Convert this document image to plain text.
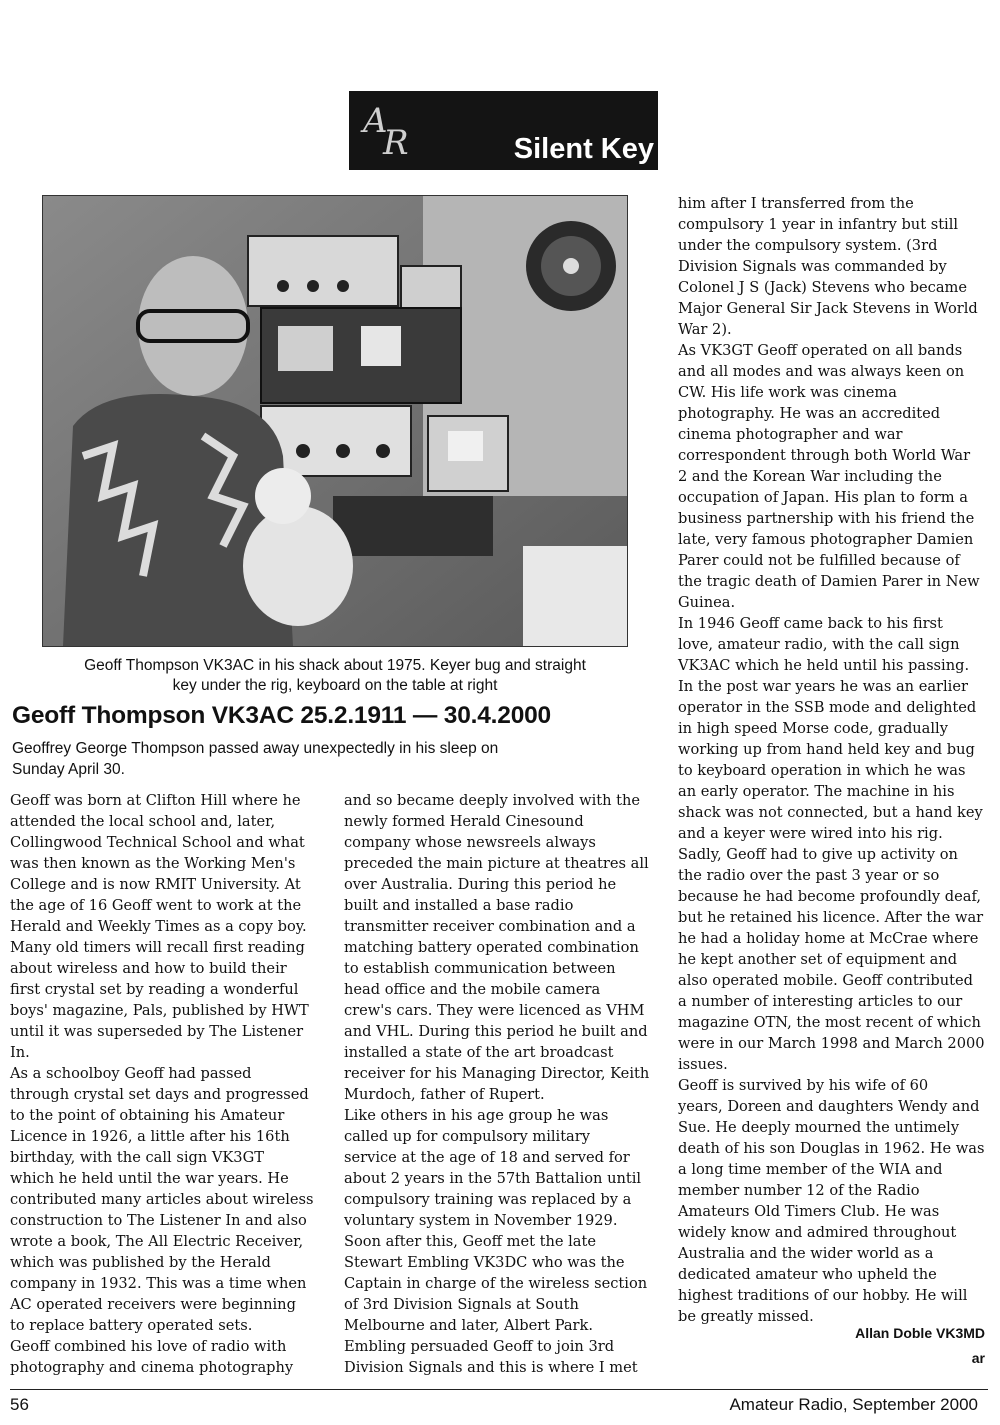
A
R	Silent Key
Geoff Thompson VK3AC in his shack about 1975. Keyer bug and straight
key under the rig, keyboard on the table at right
Geoff Thompson VK3AC 25.2.1911 — 30.4.2000
Geoffrey George Thompson passed away unexpectedly in his sleep on
Sunday April 30.
Geoff was born at Clifton Hill where he
attended the local school and, later,
Collingwood Technical School and what
was then known as the Working Men's
College and is now RMIT University. At
the age of 16 Geoff went to work at the
Herald and Weekly Times as a copy boy.
Many old timers will recall first reading
about wireless and how to build their
first crystal set by reading a wonderful
boys' magazine, Pals, published by HWT
until it was superseded by The Listener
In.
As a schoolboy Geoff had passed
through crystal set days and progressed
to the point of obtaining his Amateur
Licence in 1926, a little after his 16th
birthday, with the call sign VK3GT
which he held until the war years. He
contributed many articles about wireless
construction to The Listener In and also
wrote a book, The All Electric Receiver,
which was published by the Herald
company in 1932. This was a time when
AC operated receivers were beginning
to replace battery operated sets.
Geoff combined his love of radio with
photography and cinema photography
and so became deeply involved with the
newly formed Herald Cinesound
company whose newsreels always
preceded the main picture at theatres all
over Australia. During this period he
built and installed a base radio
transmitter receiver combination and a
matching battery operated combination
to establish communication between
head office and the mobile camera
crew's cars. They were licenced as VHM
and VHL. During this period he built and
installed a state of the art broadcast
receiver for his Managing Director, Keith
Murdoch, father of Rupert.
Like others in his age group he was
called up for compulsory military
service at the age of 18 and served for
about 2 years in the 57th Battalion until
compulsory training was replaced by a
voluntary system in November 1929.
Soon after this, Geoff met the late
Stewart Embling VK3DC who was the
Captain in charge of the wireless section
of 3rd Division Signals at South
Melbourne and later, Albert Park.
Embling persuaded Geoff to join 3rd
Division Signals and this is where I met
him after I transferred from the
compulsory 1 year in infantry but still
under the compulsory system. (3rd
Division Signals was commanded by
Colonel J S (Jack) Stevens who became
Major General Sir Jack Stevens in World
War 2).
As VK3GT Geoff operated on all bands
and all modes and was always keen on
CW. His life work was cinema
photography. He was an accredited
cinema photographer and war
correspondent through both World War
2 and the Korean War including the
occupation of Japan. His plan to form a
business partnership with his friend the
late, very famous photographer Damien
Parer could not be fulfilled because of
the tragic death of Damien Parer in New
Guinea.
In 1946 Geoff came back to his first
love, amateur radio, with the call sign
VK3AC which he held until his passing.
In the post war years he was an earlier
operator in the SSB mode and delighted
in high speed Morse code, gradually
working up from hand held key and bug
to keyboard operation in which he was
an early operator. The machine in his
shack was not connected, but a hand key
and a keyer were wired into his rig.
Sadly, Geoff had to give up activity on
the radio over the past 3 year or so
because he had become profoundly deaf,
but he retained his licence. After the war
he had a holiday home at McCrae where
he kept another set of equipment and
also operated mobile. Geoff contributed
a number of interesting articles to our
magazine OTN, the most recent of which
were in our March 1998 and March 2000
issues.
Geoff is survived by his wife of 60
years, Doreen and daughters Wendy and
Sue. He deeply mourned the untimely
death of his son Douglas in 1962. He was
a long time member of the WIA and
member number 12 of the Radio
Amateurs Old Timers Club. He was
widely know and admired throughout
Australia and the wider world as a
dedicated amateur who upheld the
highest traditions of our hobby. He will
be greatly missed.
Allan Doble VK3MD
ar
56	Amateur Radio, September 2000
